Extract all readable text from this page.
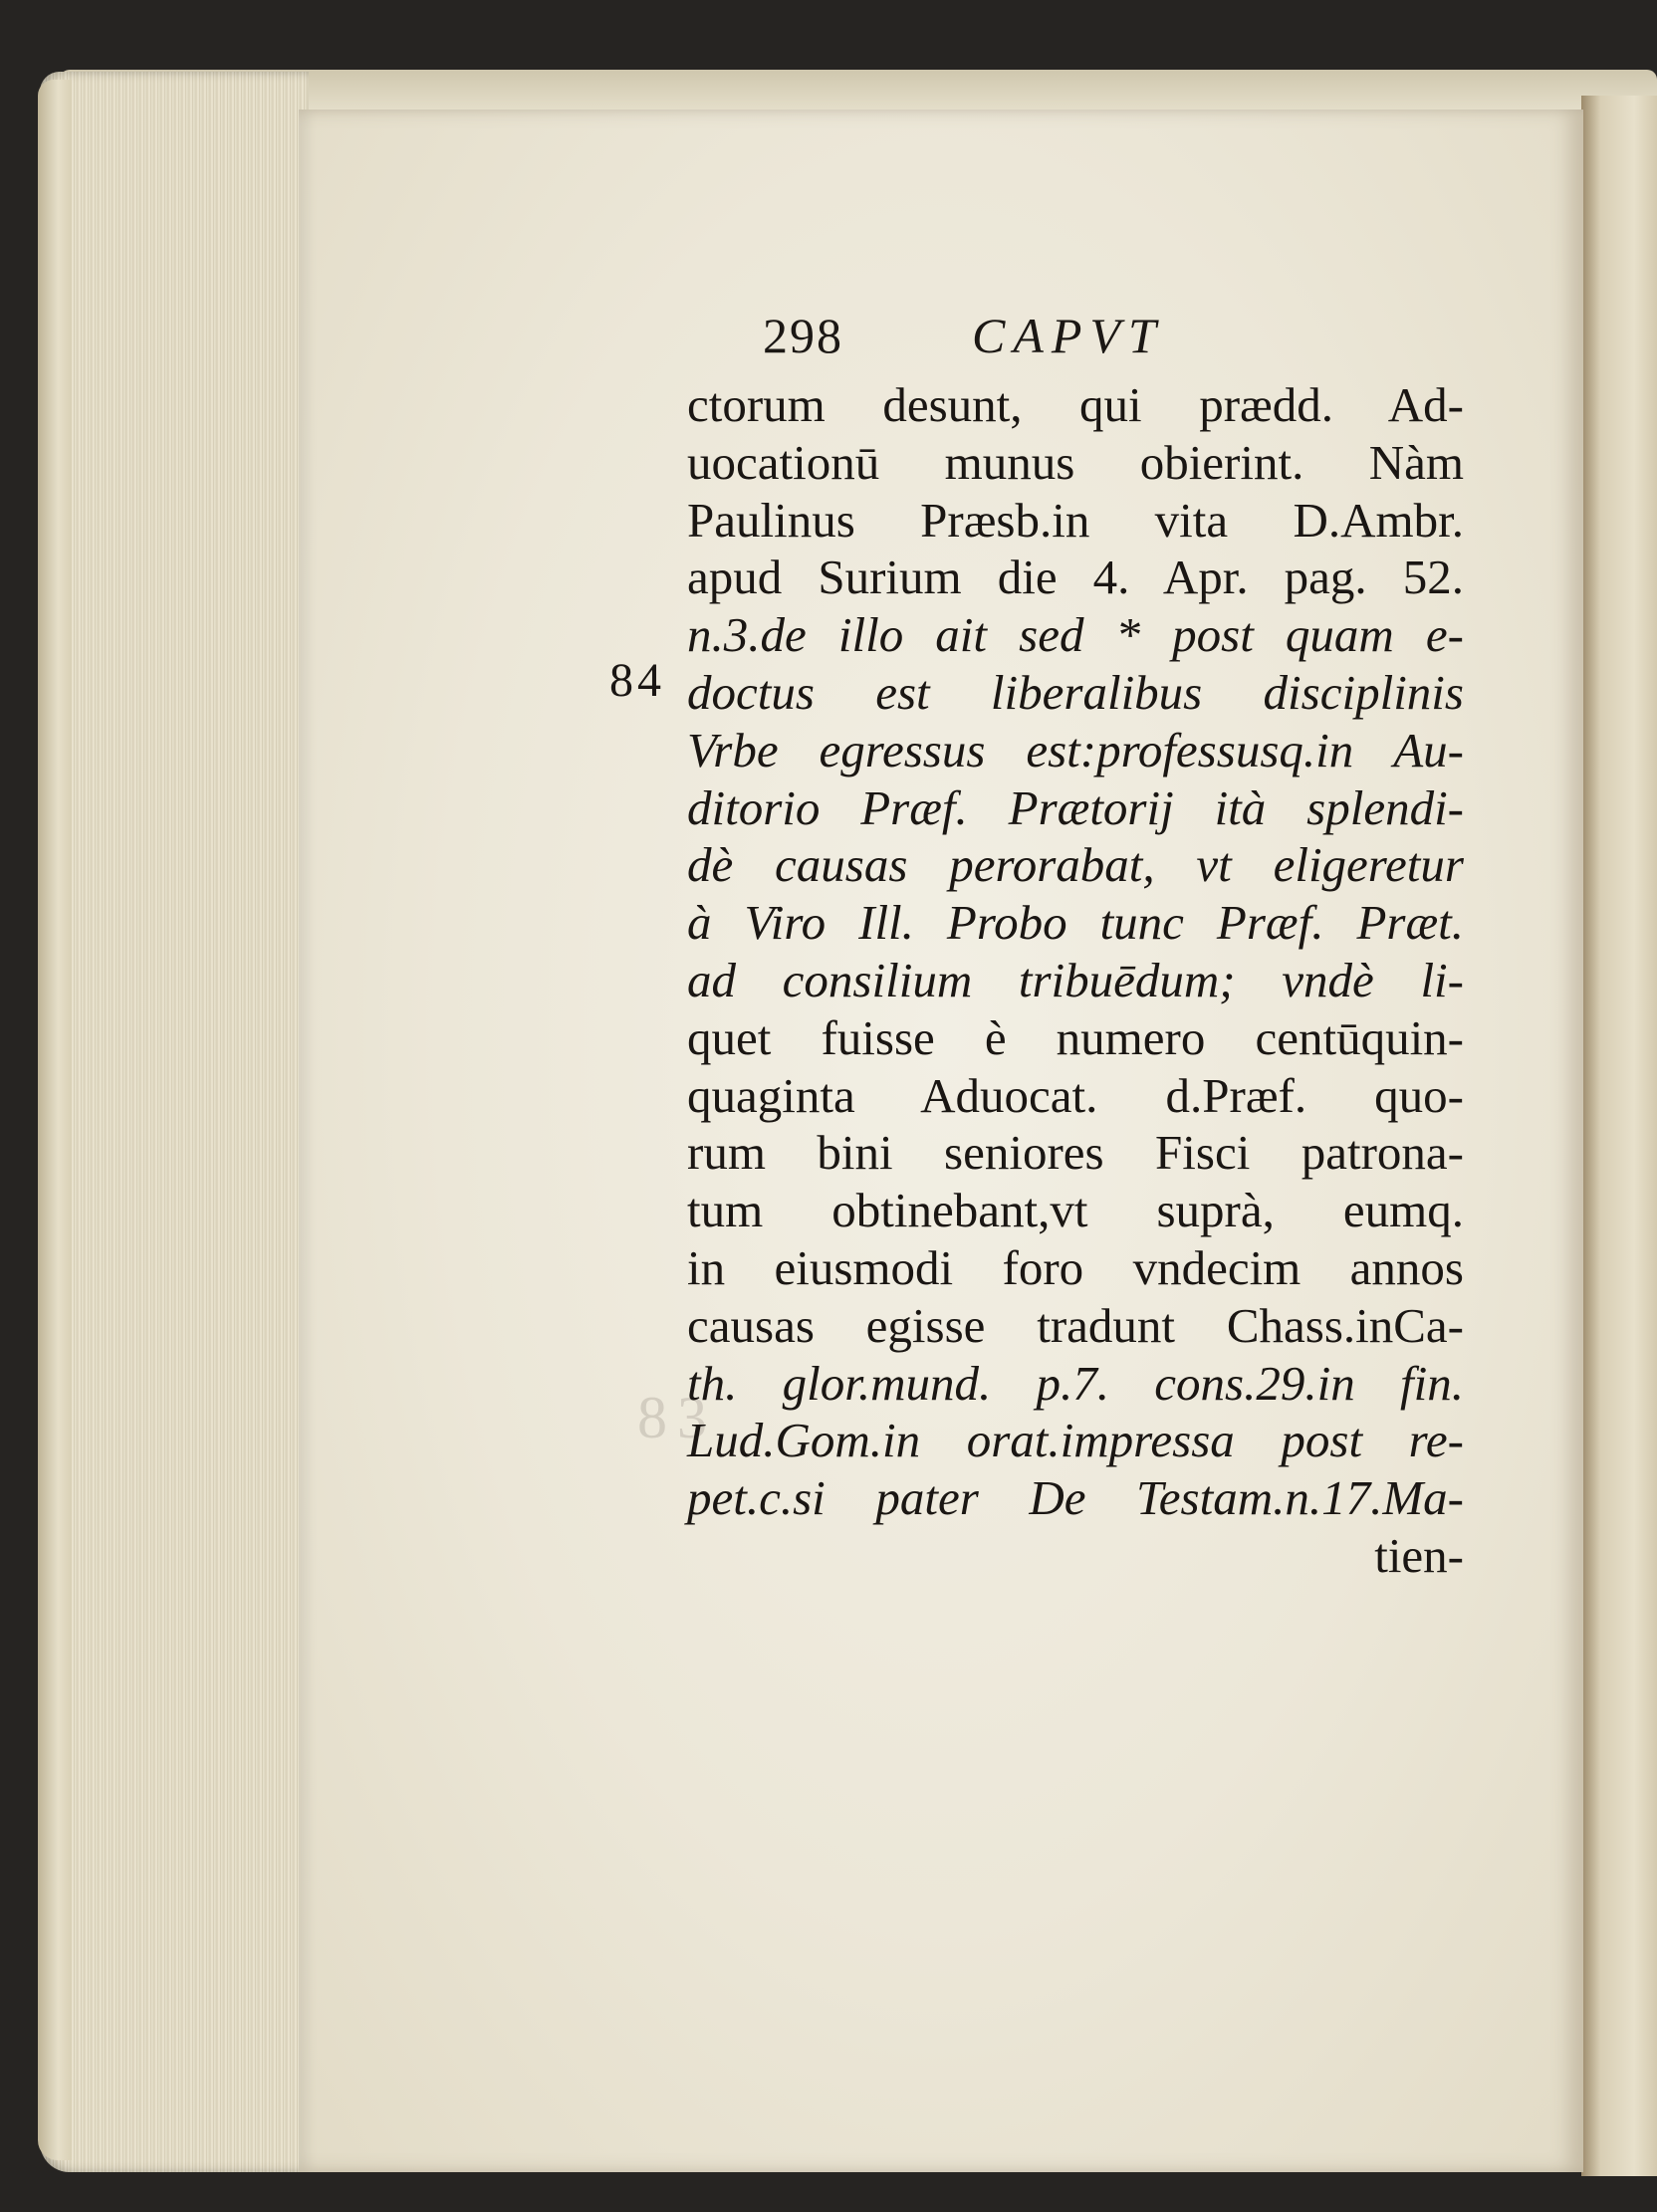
83
84
298	CAPVT
ctorum desunt, qui prædd. Ad-
uocationū munus obierint. Nàm
Paulinus Præsb.in vita D.Ambr.
apud Surium die 4. Apr. pag. 52.
n.3.de illo ait sed * post quam e-
doctus est liberalibus disciplinis
Vrbe egressus est:professusq.in Au-
ditorio Præf. Prætorij ità splendi-
dè causas perorabat, vt eligeretur
à Viro Ill. Probo tunc Præf. Præt.
ad consilium tribuēdum; vndè li-
quet fuisse è numero centūquin-
quaginta Aduocat. d.Præf. quo-
rum bini seniores Fisci patrona-
tum obtinebant,vt suprà, eumq.
in eiusmodi foro vndecim annos
causas egisse tradunt Chass.inCa-
th. glor.mund. p.7. cons.29.in fin.
Lud.Gom.in orat.impressa post re-
pet.c.si pater De Testam.n.17.Ma-
tien-
